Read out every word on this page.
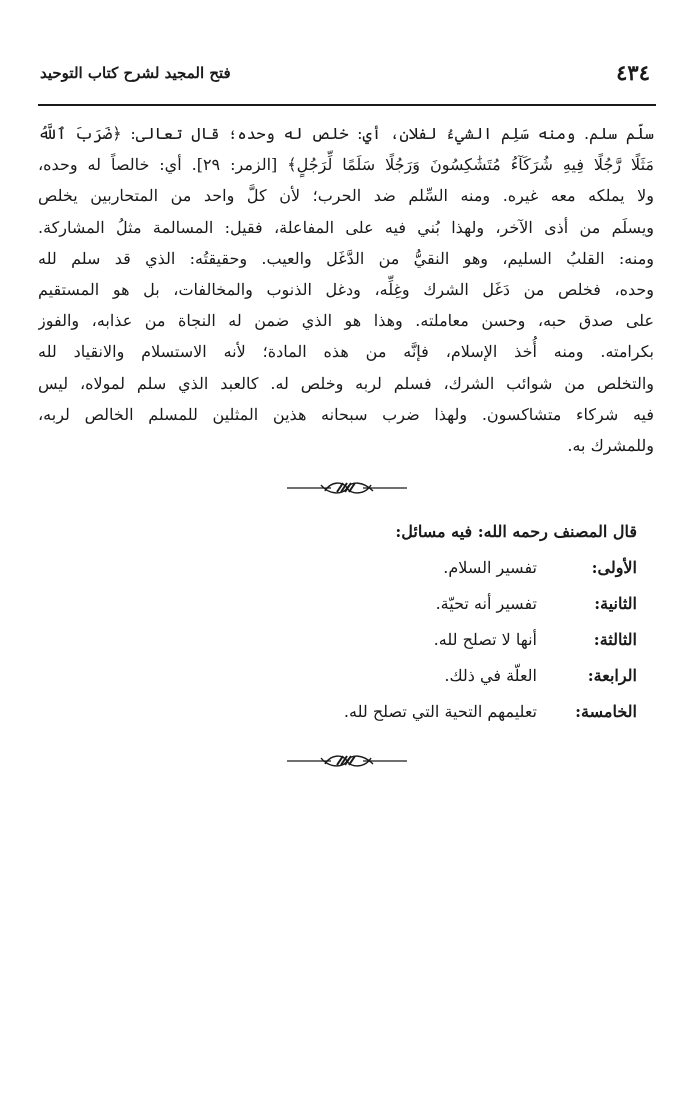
٤٣٤
فتح المجيد لشرح كتاب التوحيد

سلّم سلم. ومنه سَلِم الشيءُ لفلان، أي: خلص له وحده؛ قال تعالى: ﴿ضَرَبَ ٱللَّهُ
مَثَلًا رَّجُلًا فِيهِ شُرَكَآءُ مُتَشَٰكِسُونَ وَرَجُلًا سَلَمًا لِّرَجُلٍ﴾ [الزمر: ٢٩]. أي: خالصاً له وحده،
ولا يملكه معه غيره. ومنه السِّلم ضد الحرب؛ لأن كلَّ واحد من المتحاربين يخلص
ويسلَم من أذى الآخر، ولهذا بُني فيه على المفاعلة، فقيل: المسالمة مثلُ المشاركة.
ومنه: القلبُ السليم، وهو النقيُّ من الدَّغَل والعيب. وحقيقتُه: الذي قد سلم لله
وحده، فخلص من دَغَل الشرك وغِلِّه، ودغل الذنوب والمخالفات، بل هو المستقيم
على صدق حبه، وحسن معاملته. وهذا هو الذي ضمن له النجاة من عذابه، والفوز
بكرامته. ومنه أُخذ الإسلام، فإنَّه من هذه المادة؛ لأنه الاستسلام والانقياد لله
والتخلص من شوائب الشرك، فسلم لربه وخلص له. كالعبد الذي سلم لمولاه، ليس
فيه شركاء متشاكسون. ولهذا ضرب سبحانه هذين المثلين للمسلم الخالص لربه،
وللمشرك به.

قال المصنف رحمه الله: فيه مسائل:
الأولى:
تفسير السلام.
الثانية:
تفسير أنه تحيّة.
الثالثة:
أنها لا تصلح لله.
الرابعة:
العلّة في ذلك.
الخامسة:
تعليمهم التحية التي تصلح لله.
